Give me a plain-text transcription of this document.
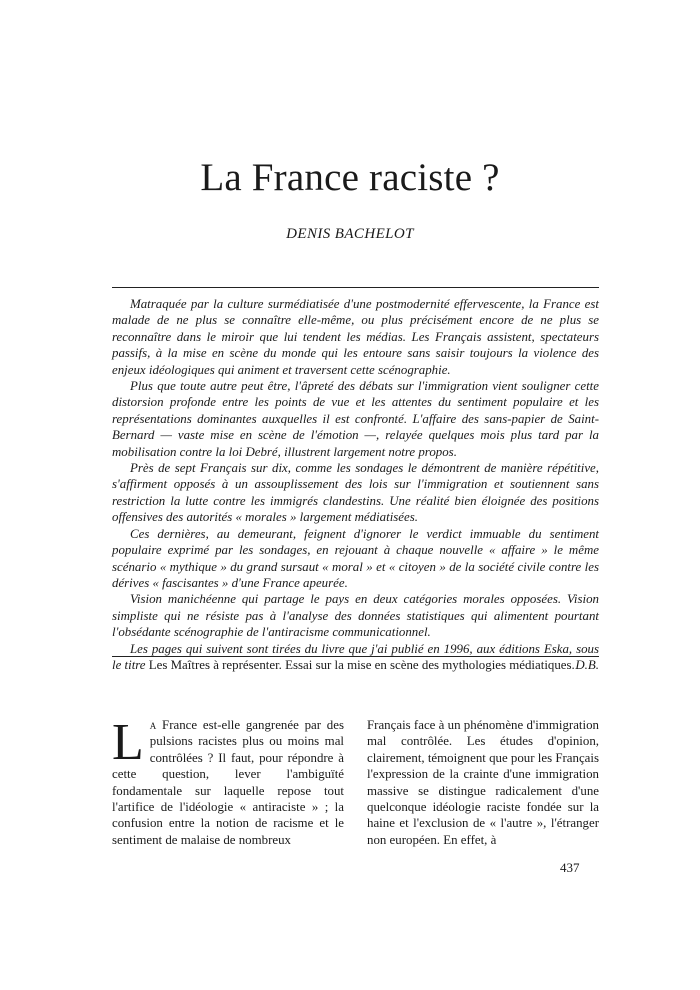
La France raciste ?
DENIS BACHELOT

Matraquée par la culture surmédiatisée d'une postmodernité effervescente, la France est malade de ne plus se connaître elle-même, ou plus précisément encore de ne plus se reconnaître dans le miroir que lui tendent les médias. Les Français assistent, spectateurs passifs, à la mise en scène du monde qui les entoure sans saisir toujours la violence des enjeux idéologiques qui animent et traversent cette scénographie.

Plus que toute autre peut être, l'âpreté des débats sur l'immigration vient souligner cette distorsion profonde entre les points de vue et les attentes du sentiment populaire et les représentations dominantes auxquelles il est confronté. L'affaire des sans-papier de Saint-Bernard — vaste mise en scène de l'émotion —, relayée quelques mois plus tard par la mobilisation contre la loi Debré, illustrent largement notre propos.

Près de sept Français sur dix, comme les sondages le démontrent de manière répétitive, s'affirment opposés à un assouplissement des lois sur l'immigration et soutiennent sans restriction la lutte contre les immigrés clandestins. Une réalité bien éloignée des positions offensives des autorités « morales » largement médiatisées.

Ces dernières, au demeurant, feignent d'ignorer le verdict immuable du sentiment populaire exprimé par les sondages, en rejouant à chaque nouvelle « affaire » le même scénario « mythique » du grand sursaut « moral » et « citoyen » de la société civile contre les dérives « fascisantes » d'une France apeurée.

Vision manichéenne qui partage le pays en deux catégories morales opposées. Vision simpliste qui ne résiste pas à l'analyse des données statistiques qui alimentent pourtant l'obsédante scénographie de l'antiracisme communicationnel.

Les pages qui suivent sont tirées du livre que j'ai publié en 1996, aux éditions Eska, sous le titre Les Maîtres à représenter. Essai sur la mise en scène des mythologies médiatiques. D.B.

La France est-elle gangrenée par des pulsions racistes plus ou moins mal contrôlées ? Il faut, pour répondre à cette question, lever l'ambiguïté fondamentale sur laquelle repose tout l'artifice de l'idéologie « antiraciste » ; la confusion entre la notion de racisme et le sentiment de malaise de nombreux

Français face à un phénomène d'immigration mal contrôlée. Les études d'opinion, clairement, témoignent que pour les Français l'expression de la crainte d'une immigration massive se distingue radicalement d'une quelconque idéologie raciste fondée sur la haine et l'exclusion de « l'autre », l'étranger non européen. En effet, à

437
